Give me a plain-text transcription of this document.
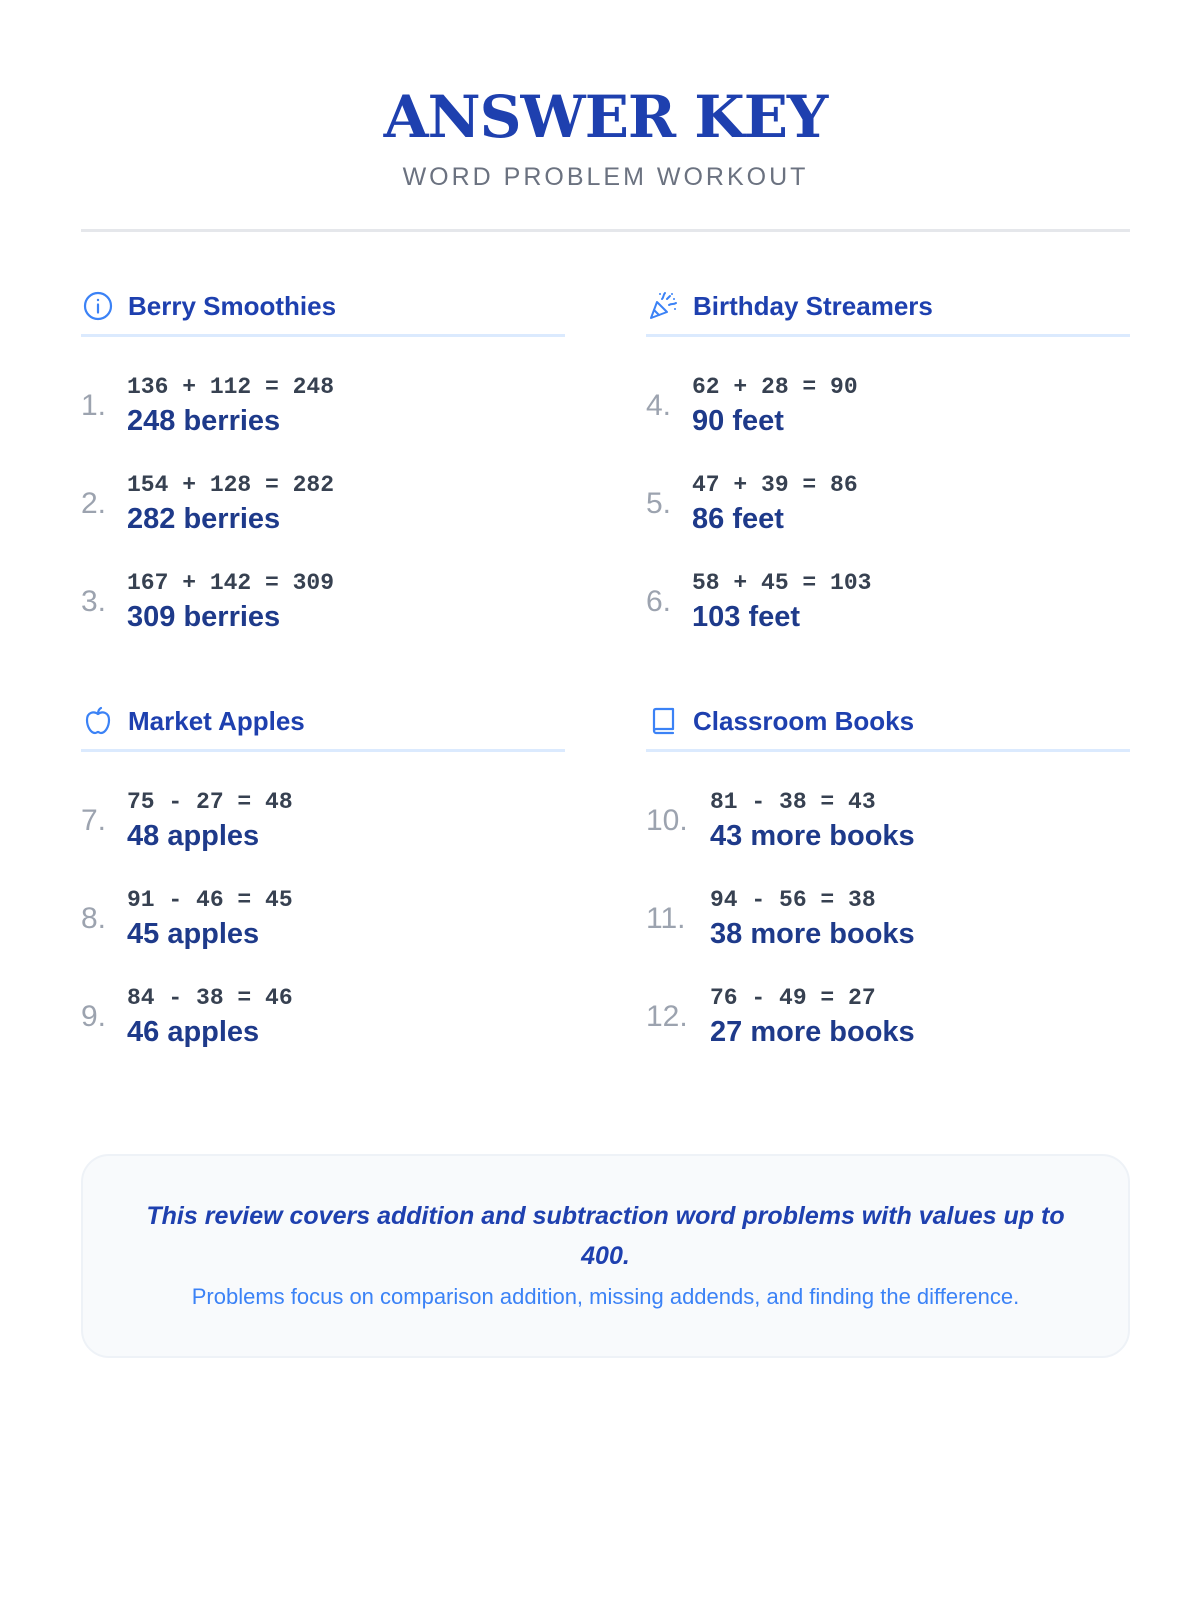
ANSWER KEY
WORD PROBLEM WORKOUT
Berry Smoothies
1.
136 + 112 = 248
248 berries
2.
154 + 128 = 282
282 berries
3.
167 + 142 = 309
309 berries
Birthday Streamers
4.
62 + 28 = 90
90 feet
5.
47 + 39 = 86
86 feet
6.
58 + 45 = 103
103 feet
Market Apples
7.
75 - 27 = 48
48 apples
8.
91 - 46 = 45
45 apples
9.
84 - 38 = 46
46 apples
Classroom Books
10.
81 - 38 = 43
43 more books
11.
94 - 56 = 38
38 more books
12.
76 - 49 = 27
27 more books
This review covers addition and subtraction word problems with values up to 400.
Problems focus on comparison addition, missing addends, and finding the difference.
